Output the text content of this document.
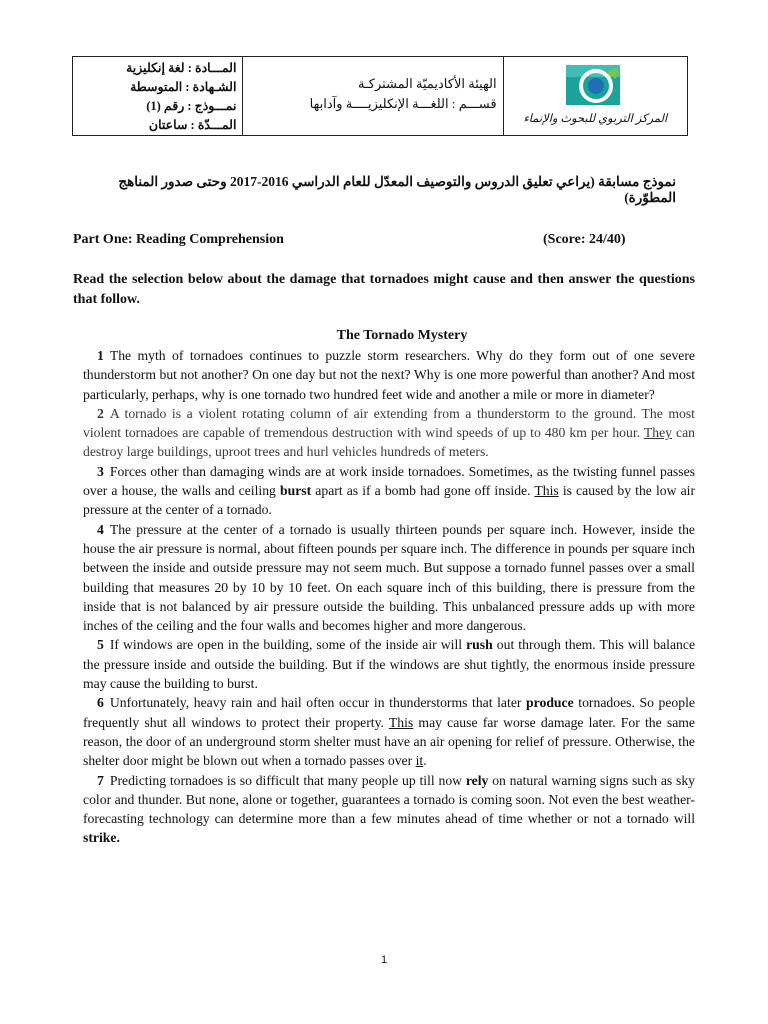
المـــادة : لغة إنكليزية
الشـهادة : المتوسطة
نمـــوذج : رقم (1)
المـــدّة : ساعتان
الهيئة الأكاديميّة المشتركـة
قســـم : اللغـــة الإنكليزيــــة وآدابها
المركز التربوي للبحوث والإنماء
نموذج مسابقة (يراعي تعليق الدروس والتوصيف المعدّل للعام الدراسي 2016-2017 وحتى صدور المناهج المطوّرة)
Part One: Reading Comprehension	(Score: 24/40)

Read the selection below about the damage that tornadoes might cause and then answer the questions that follow.

The Tornado Mystery

1 The myth of tornadoes continues to puzzle storm researchers. Why do they form out of one severe thunderstorm but not another? On one day but not the next? Why is one more powerful than another? And most particularly, perhaps, why is one tornado two hundred feet wide and another a mile or more in diameter?

2 A tornado is a violent rotating column of air extending from a thunderstorm to the ground. The most violent tornadoes are capable of tremendous destruction with wind speeds of up to 480 km per hour. They can destroy large buildings, uproot trees and hurl vehicles hundreds of meters.

3 Forces other than damaging winds are at work inside tornadoes. Sometimes, as the twisting funnel passes over a house, the walls and ceiling burst apart as if a bomb had gone off inside. This is caused by the low air pressure at the center of a tornado.

4 The pressure at the center of a tornado is usually thirteen pounds per square inch. However, inside the house the air pressure is normal, about fifteen pounds per square inch. The difference in pounds per square inch between the inside and outside pressure may not seem much. But suppose a tornado funnel passes over a small building that measures 20 by 10 by 10 feet. On each square inch of this building, there is pressure from the inside that is not balanced by air pressure outside the building. This unbalanced pressure adds up with more inches of the ceiling and the four walls and becomes higher and more dangerous.

5 If windows are open in the building, some of the inside air will rush out through them. This will balance the pressure inside and outside the building. But if the windows are shut tightly, the enormous inside pressure may cause the building to burst.

6 Unfortunately, heavy rain and hail often occur in thunderstorms that later produce tornadoes. So people frequently shut all windows to protect their property. This may cause far worse damage later. For the same reason, the door of an underground storm shelter must have an air opening for relief of pressure. Otherwise, the shelter door might be blown out when a tornado passes over it.

7 Predicting tornadoes is so difficult that many people up till now rely on natural warning signs such as sky color and thunder. But none, alone or together, guarantees a tornado is coming soon. Not even the best weather-forecasting technology can determine more than a few minutes ahead of time whether or not a tornado will strike.

1
